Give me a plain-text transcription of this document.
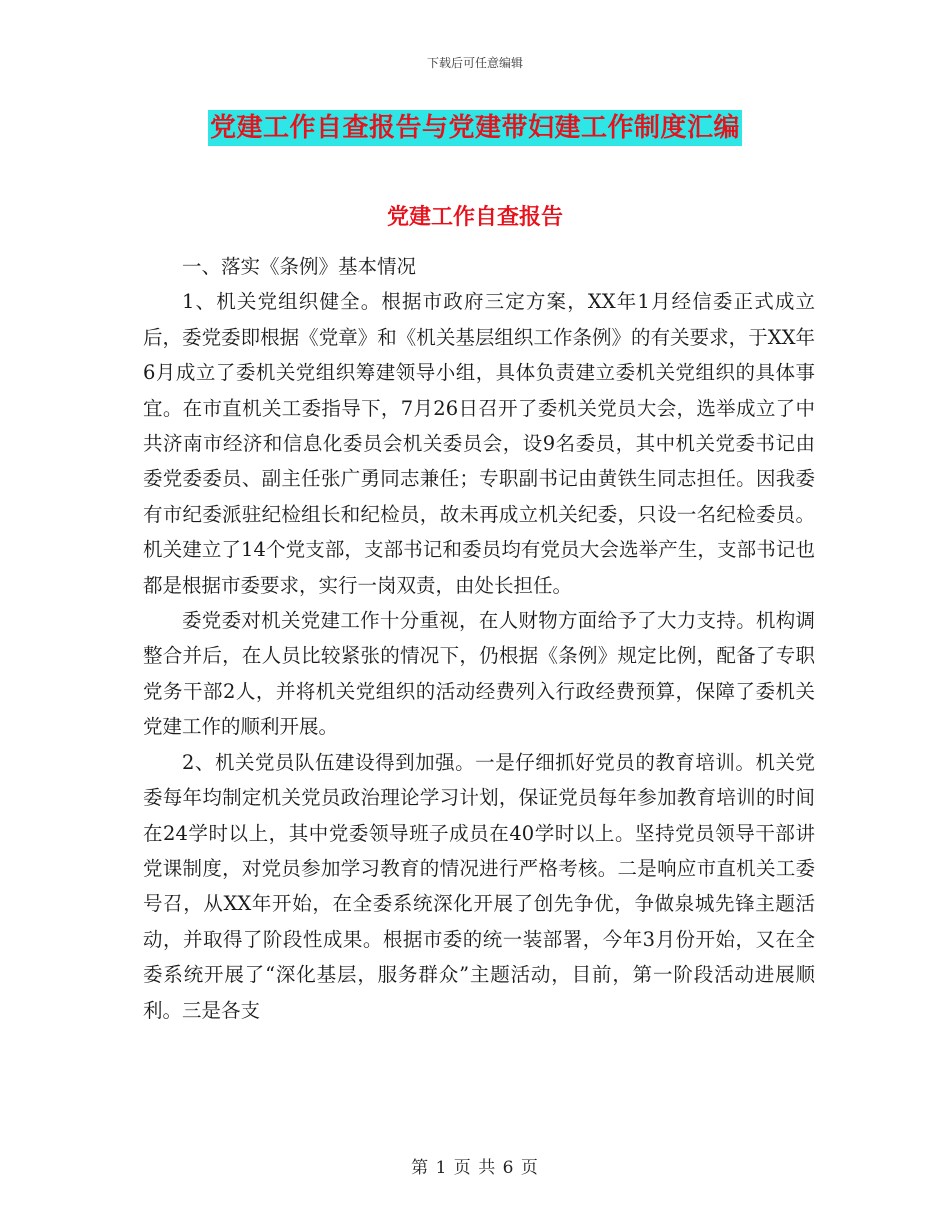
下载后可任意编辑
党建工作自查报告与党建带妇建工作制度汇编
党建工作自查报告

一、落实《条例》基本情况

1、机关党组织健全。根据市政府三定方案，XX年1月经信委正式成立后，委党委即根据《党章》和《机关基层组织工作条例》的有关要求，于XX年6月成立了委机关党组织筹建领导小组，具体负责建立委机关党组织的具体事宜。在市直机关工委指导下，7月26日召开了委机关党员大会，选举成立了中共济南市经济和信息化委员会机关委员会，设9名委员，其中机关党委书记由委党委委员、副主任张广勇同志兼任；专职副书记由黄铁生同志担任。因我委有市纪委派驻纪检组长和纪检员，故未再成立机关纪委，只设一名纪检委员。机关建立了14个党支部，支部书记和委员均有党员大会选举产生，支部书记也都是根据市委要求，实行一岗双责，由处长担任。

委党委对机关党建工作十分重视，在人财物方面给予了大力支持。机构调整合并后，在人员比较紧张的情况下，仍根据《条例》规定比例，配备了专职党务干部2人，并将机关党组织的活动经费列入行政经费预算，保障了委机关党建工作的顺利开展。

2、机关党员队伍建设得到加强。一是仔细抓好党员的教育培训。机关党委每年均制定机关党员政治理论学习计划，保证党员每年参加教育培训的时间在24学时以上，其中党委领导班子成员在40学时以上。坚持党员领导干部讲党课制度，对党员参加学习教育的情况进行严格考核。二是响应市直机关工委号召，从XX年开始，在全委系统深化开展了创先争优，争做泉城先锋主题活动，并取得了阶段性成果。根据市委的统一装部署，今年3月份开始，又在全委系统开展了“深化基层，服务群众”主题活动，目前，第一阶段活动进展顺利。三是各支

第 1 页 共 6 页
